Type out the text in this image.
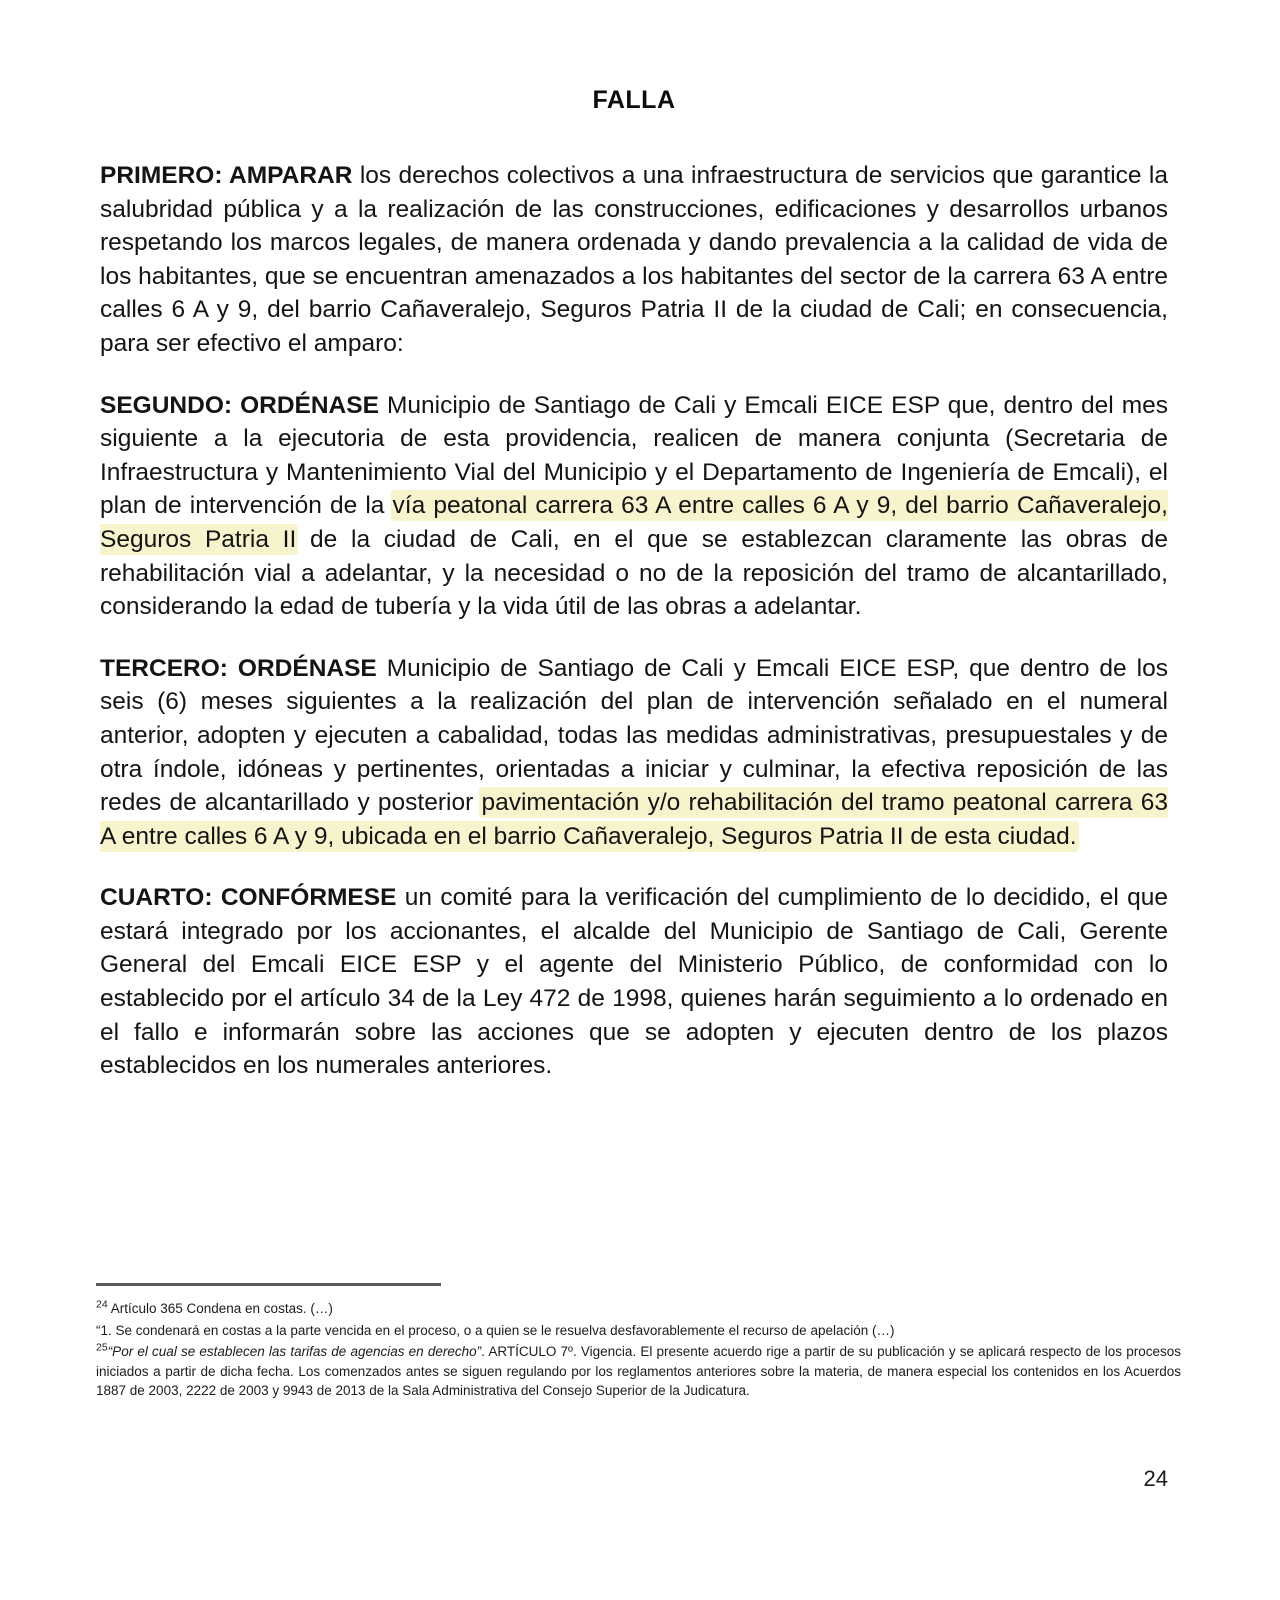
FALLA

PRIMERO: AMPARAR los derechos colectivos a una infraestructura de servicios que garantice la salubridad pública y a la realización de las construcciones, edificaciones y desarrollos urbanos respetando los marcos legales, de manera ordenada y dando prevalencia a la calidad de vida de los habitantes, que se encuentran amenazados a los habitantes del sector de la carrera 63 A entre calles 6 A y 9, del barrio Cañaveralejo, Seguros Patria II de la ciudad de Cali; en consecuencia, para ser efectivo el amparo:

SEGUNDO: ORDÉNASE Municipio de Santiago de Cali y Emcali EICE ESP que, dentro del mes siguiente a la ejecutoria de esta providencia, realicen de manera conjunta (Secretaria de Infraestructura y Mantenimiento Vial del Municipio y el Departamento de Ingeniería de Emcali), el plan de intervención de la vía peatonal carrera 63 A entre calles 6 A y 9, del barrio Cañaveralejo, Seguros Patria II de la ciudad de Cali, en el que se establezcan claramente las obras de rehabilitación vial a adelantar, y la necesidad o no de la reposición del tramo de alcantarillado, considerando la edad de tubería y la vida útil de las obras a adelantar.

TERCERO: ORDÉNASE Municipio de Santiago de Cali y Emcali EICE ESP, que dentro de los seis (6) meses siguientes a la realización del plan de intervención señalado en el numeral anterior, adopten y ejecuten a cabalidad, todas las medidas administrativas, presupuestales y de otra índole, idóneas y pertinentes, orientadas a iniciar y culminar, la efectiva reposición de las redes de alcantarillado y posterior pavimentación y/o rehabilitación del tramo peatonal carrera 63 A entre calles 6 A y 9, ubicada en el barrio Cañaveralejo, Seguros Patria II de esta ciudad.

CUARTO: CONFÓRMESE un comité para la verificación del cumplimiento de lo decidido, el que estará integrado por los accionantes, el alcalde del Municipio de Santiago de Cali, Gerente General del Emcali EICE ESP y el agente del Ministerio Público, de conformidad con lo establecido por el artículo 34 de la Ley 472 de 1998, quienes harán seguimiento a lo ordenado en el fallo e informarán sobre las acciones que se adopten y ejecuten dentro de los plazos establecidos en los numerales anteriores.

$^{24}$ Artículo 365 Condena en costas. (…)

“1. Se condenará en costas a la parte vencida en el proceso, o a quien se le resuelva desfavorablemente el recurso de apelación (…)

$^{25}$“Por el cual se establecen las tarifas de agencias en derecho”. ARTÍCULO 7º. Vigencia. El presente acuerdo rige a partir de su publicación y se aplicará respecto de los procesos iniciados a partir de dicha fecha. Los comenzados antes se siguen regulando por los reglamentos anteriores sobre la materia, de manera especial los contenidos en los Acuerdos 1887 de 2003, 2222 de 2003 y 9943 de 2013 de la Sala Administrativa del Consejo Superior de la Judicatura.

24
